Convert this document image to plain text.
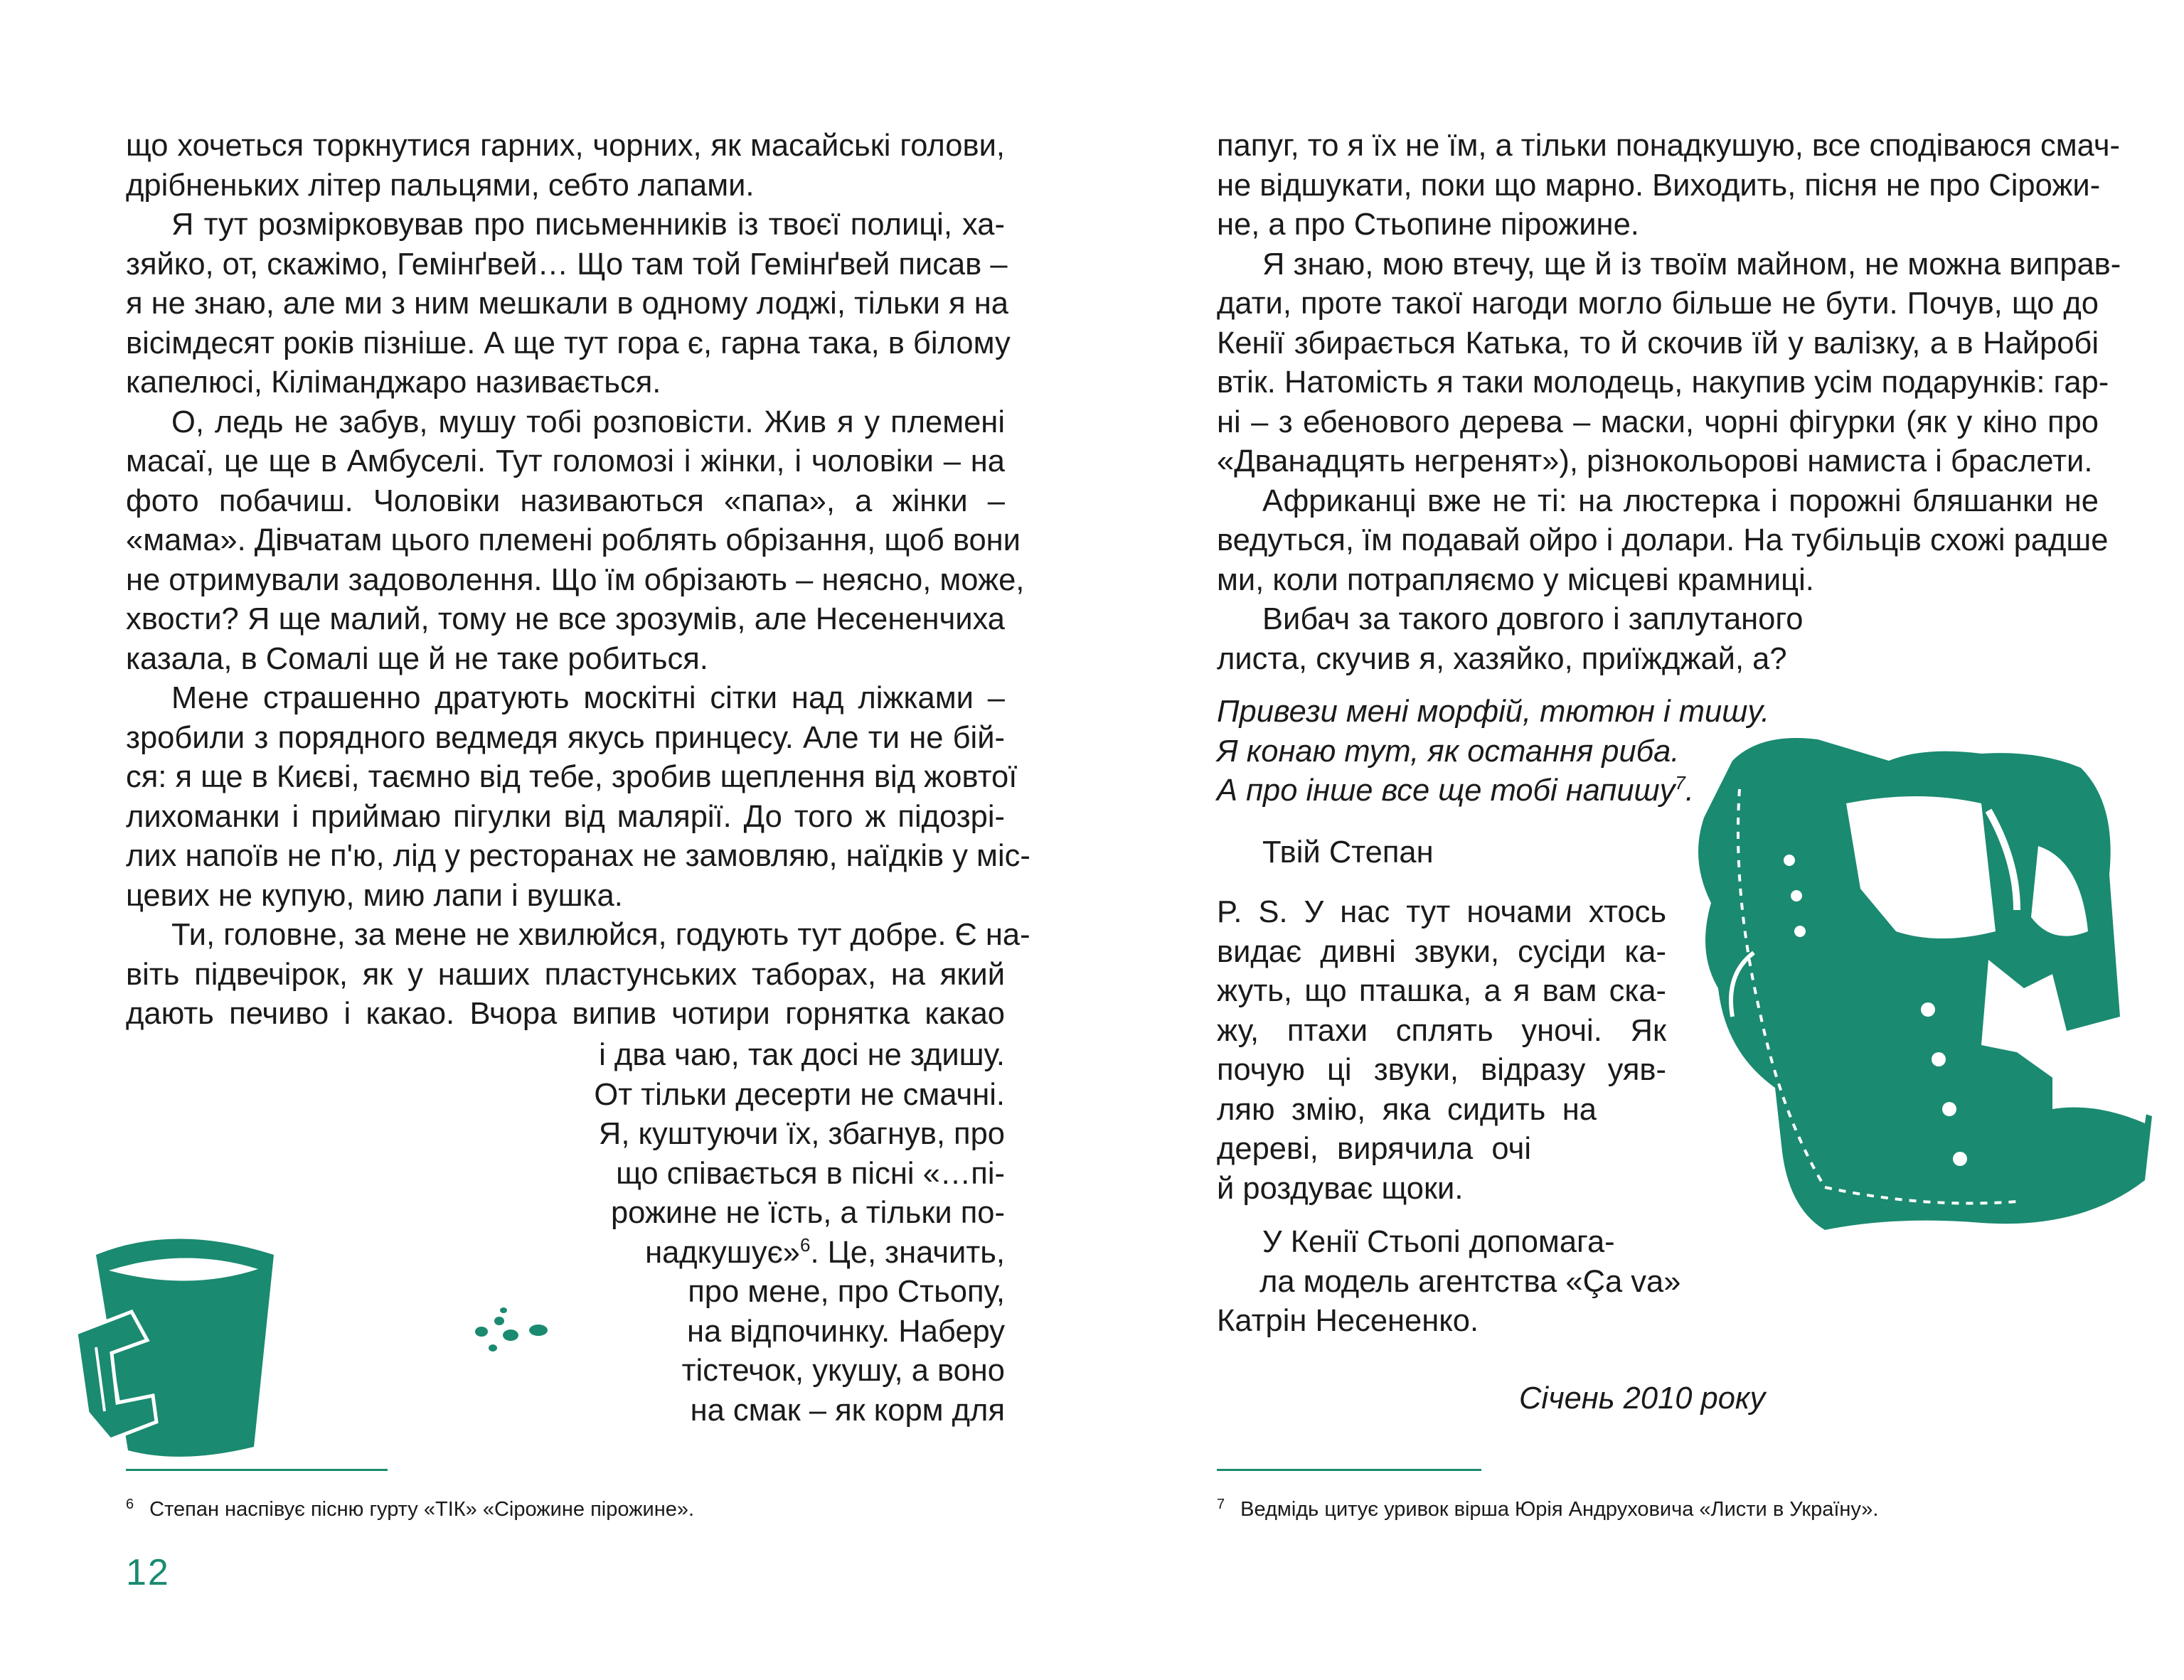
що хочеться торкнутися гарних, чорних, як масайські голови,
дрібненьких літер пальцями, себто лапами.
Я тут розмірковував про письменників із твоєї полиці, ха-
зяйко, от, скажімо, Гемінґвей… Що там той Гемінґвей писав –
я не знаю, але ми з ним мешкали в одному лоджі, тільки я на
вісімдесят років пізніше. А ще тут гора є, гарна така, в білому
капелюсі, Кіліманджаро називається.
О, ледь не забув, мушу тобі розповісти. Жив я у племені
масаї, це ще в Амбуселі. Тут голомозі і жінки, і чоловіки – на
фото побачиш. Чоловіки називаються «папа», а жінки –
«мама». Дівчатам цього племені роблять обрізання, щоб вони
не отримували задоволення. Що їм обрізають – неясно, може,
хвости? Я ще малий, тому не все зрозумів, але Несененчиха
казала, в Сомалі ще й не таке робиться.
Мене страшенно дратують москітні сітки над ліжками –
зробили з порядного ведмедя якусь принцесу. Але ти не бій-
ся: я ще в Києві, таємно від тебе, зробив щеплення від жовтої
лихоманки і приймаю пігулки від малярії. До того ж підозрі-
лих напоїв не п'ю, лід у ресторанах не замовляю, наїдків у міс-
цевих не купую, мию лапи і вушка.
Ти, головне, за мене не хвилюйся, годують тут добре. Є на-
віть підвечірок, як у наших пластунських таборах, на який
дають печиво і какао. Вчора випив чотири горнятка какао
і два чаю, так досі не здишу.
От тільки десерти не смачні.
Я, куштуючи їх, збагнув, про
що співається в пісні «…пі-
рожине не їсть, а тільки по-
надкушує»$^6$. Це, значить,
про мене, про Стьопу,
на відпочинку. Наберу
тістечок, укушу, а воно
на смак – як корм для
$^6$ Степан наспівує пісню гурту «ТІК» «Сірожине пірожине».
12
папуг, то я їх не їм, а тільки понадкушую, все сподіваюся смач-
не відшукати, поки що марно. Виходить, пісня не про Сірожи-
не, а про Стьопине пірожине.
Я знаю, мою втечу, ще й із твоїм майном, не можна виправ-
дати, проте такої нагоди могло більше не бути. Почув, що до
Кенії збирається Катька, то й скочив їй у валізку, а в Найробі
втік. Натомість я таки молодець, накупив усім подарунків: гар-
ні – з ебенового дерева – маски, чорні фігурки (як у кіно про
«Дванадцять негренят»), різнокольорові намиста і браслети.
Африканці вже не ті: на люстерка і порожні бляшанки не
ведуться, їм подавай ойро і долари. На тубільців схожі радше
ми, коли потрапляємо у місцеві крамниці.
Вибач за такого довгого і заплутаного
листа, скучив я, хазяйко, приїжджай, а?
Привези мені морфій, тютюн і тишу.
Я конаю тут, як остання риба.
А про інше все ще тобі напишу$^7$.
Твій Степан
P. S. У нас тут ночами хтось
видає дивні звуки, сусіди ка-
жуть, що пташка, а я вам ска-
жу, птахи сплять уночі. Як
почую ці звуки, відразу уяв-
ляю змію, яка сидить на
дереві, вирячила очі
й роздуває щоки.
У Кенії Стьопі допомага-
ла модель агентства «Ça va»
Катрін Несененко.
Січень 2010 року
$^7$ Ведмідь цитує уривок вірша Юрія Андруховича «Листи в Україну».
